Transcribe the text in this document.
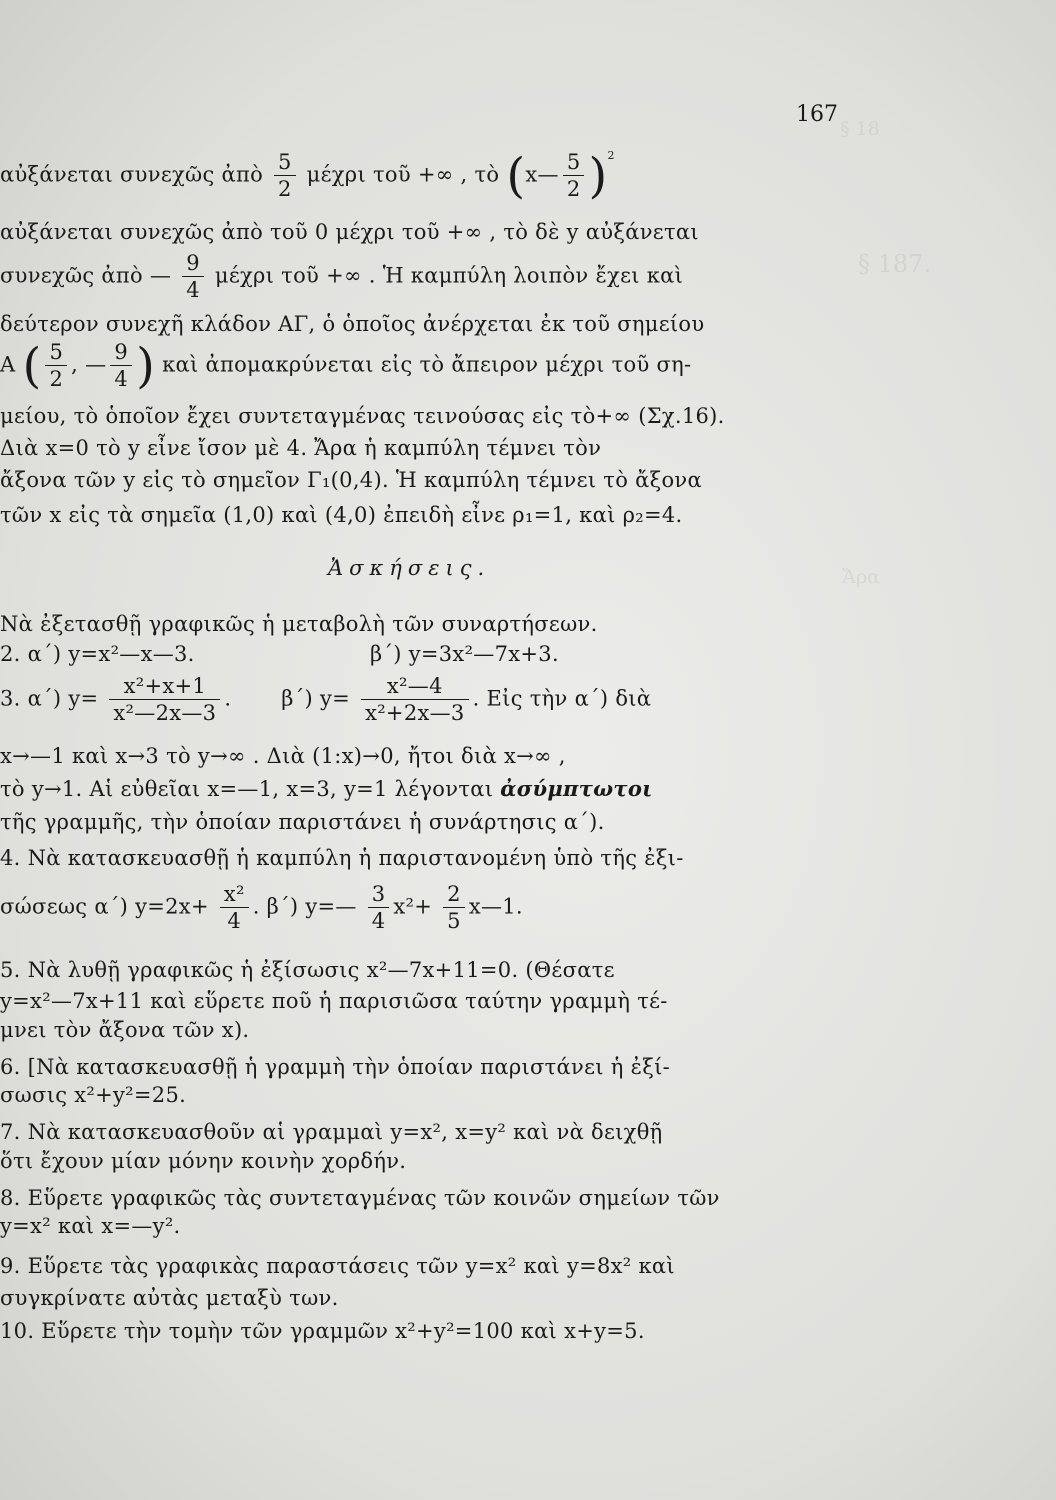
§ 18
§ 187.
Ἄρα
167
αὐξάνεται συνεχῶς ἀπὸ $\frac{5}{2}$ μέχρι τοῦ +∞ , τὸ (x— $\frac{5}{2} )^2$
αὐξάνεται συνεχῶς ἀπὸ τοῦ 0 μέχρι τοῦ +∞ , τὸ δὲ y αὐξάνεται
συνεχῶς ἀπὸ — $\frac{9}{4}$ μέχρι τοῦ +∞ . Ἡ καμπύλη λοιπὸν ἔχει καὶ
δεύτερον συνεχῆ κλάδον ΑΓ, ὁ ὁποῖος ἀνέρχεται ἐκ τοῦ σημείου
Α ( $\frac{5}{2}$ , — $\frac{9}{4}$ ) καὶ ἀπομακρύνεται εἰς τὸ ἄπειρον μέχρι τοῦ ση-
μείου, τὸ ὁποῖον ἔχει συντεταγμένας τεινούσας εἰς τὸ+∞ (Σχ.16).
Διὰ x=0 τὸ y εἶνε ἴσον μὲ 4. Ἄρα ἡ καμπύλη τέμνει τὸν
ἄξονα τῶν y εἰς τὸ σημεῖον Γ₁(0,4). Ἡ καμπύλη τέμνει τὸ ἄξονα
τῶν x εἰς τὰ σημεῖα (1,0) καὶ (4,0) ἐπειδὴ εἶνε ρ₁=1, καὶ ρ₂=4.
Ἀσκήσεις.
Νὰ ἐξετασθῇ γραφικῶς ἡ μεταβολὴ τῶν συναρτήσεων.
2. α΄) y=x²—x—3.	β΄) y=3x²—7x+3.
3. α΄) $y= \frac{\text{x²+x+1}}{\text{x²—2x—3}}$ . β΄) $y= \frac{\text{x²—4}}{\text{x²+2x—3}}$ . Εἰς τὴν α΄) διὰ
x→—1 καὶ x→3 τὸ y→∞ . Διὰ (1:x)→0, ἤτοι διὰ x→∞ ,
τὸ y→1. Αἱ εὐθεῖαι x=—1, x=3, y=1 λέγονται ἀσύμπτωτοι
τῆς γραμμῆς, τὴν ὁποίαν παριστάνει ἡ συνάρτησις α΄).
4. Νὰ κατασκευασθῇ ἡ καμπύλη ἡ παριστανομένη ὑπὸ τῆς ἐξι-
σώσεως α΄) $y=2x+ \frac{\text{x²}}{4}$ . β΄) y=— $\frac{3}{4} x^2+ \frac{2}{5}$ x—1.
5. Νὰ λυθῇ γραφικῶς ἡ ἐξίσωσις x²—7x+11=0. (Θέσατε
y=x²—7x+11 καὶ εὕρετε ποῦ ἡ παρισιῶσα ταύτην γραμμὴ τέ-
μνει τὸν ἄξονα τῶν x).
6. [Νὰ κατασκευασθῇ ἡ γραμμὴ τὴν ὁποίαν παριστάνει ἡ ἐξί-
σωσις x²+y²=25.
7. Νὰ κατασκευασθοῦν αἱ γραμμαὶ y=x², x=y² καὶ νὰ δειχθῇ
ὅτι ἔχουν μίαν μόνην κοινὴν χορδήν.
8. Εὕρετε γραφικῶς τὰς συντεταγμένας τῶν κοινῶν σημείων τῶν
y=x² καὶ x=—y².
9. Εὕρετε τὰς γραφικὰς παραστάσεις τῶν y=x² καὶ y=8x² καὶ
συγκρίνατε αὐτὰς μεταξὺ των.
10. Εὕρετε τὴν τομὴν τῶν γραμμῶν x²+y²=100 καὶ x+y=5.
